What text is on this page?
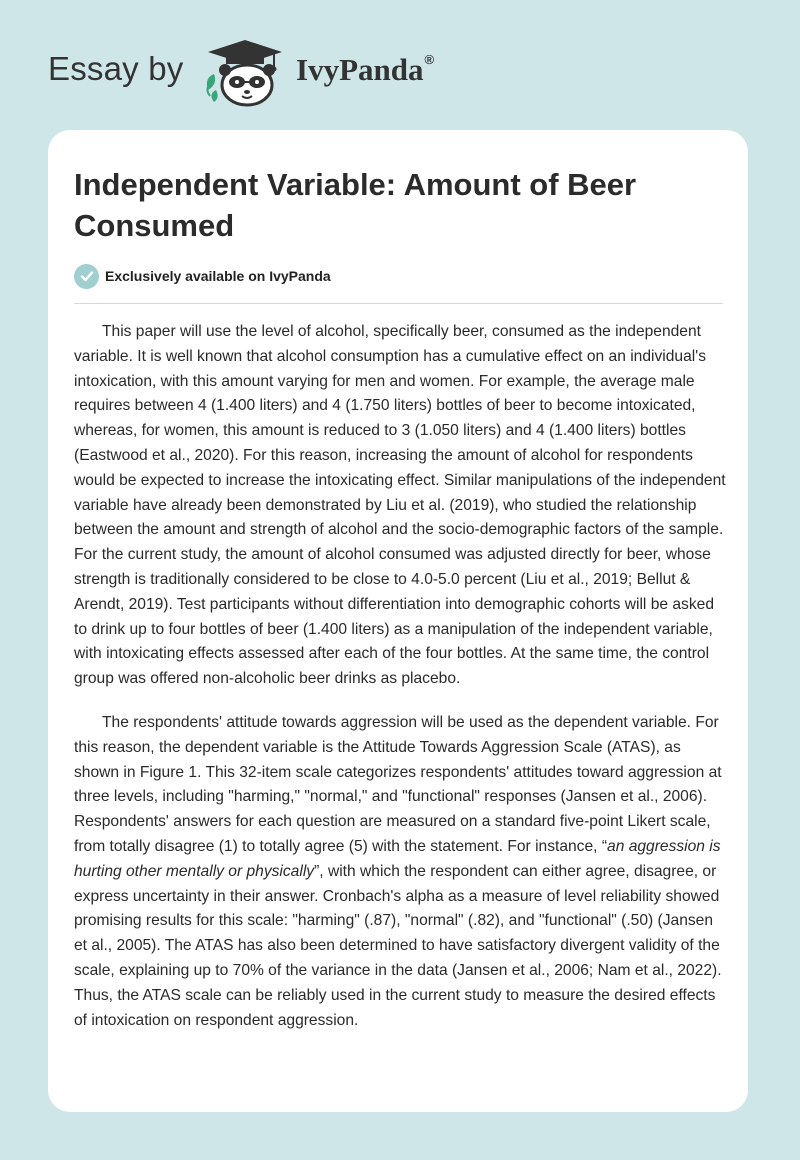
Essay by	IvyPanda®
Independent Variable: Amount of Beer Consumed
Exclusively available on IvyPanda

This paper will use the level of alcohol, specifically beer, consumed as the independent variable. It is well known that alcohol consumption has a cumulative effect on an individual's intoxication, with this amount varying for men and women. For example, the average male requires between 4 (1.400 liters) and 4 (1.750 liters) bottles of beer to become intoxicated, whereas, for women, this amount is reduced to 3 (1.050 liters) and 4 (1.400 liters) bottles (Eastwood et al., 2020). For this reason, increasing the amount of alcohol for respondents would be expected to increase the intoxicating effect. Similar manipulations of the independent variable have already been demonstrated by Liu et al. (2019), who studied the relationship between the amount and strength of alcohol and the socio-demographic factors of the sample. For the current study, the amount of alcohol consumed was adjusted directly for beer, whose strength is traditionally considered to be close to 4.0-5.0 percent (Liu et al., 2019; Bellut & Arendt, 2019). Test participants without differentiation into demographic cohorts will be asked to drink up to four bottles of beer (1.400 liters) as a manipulation of the independent variable, with intoxicating effects assessed after each of the four bottles. At the same time, the control group was offered non-alcoholic beer drinks as placebo.

The respondents' attitude towards aggression will be used as the dependent variable. For this reason, the dependent variable is the Attitude Towards Aggression Scale (ATAS), as shown in Figure 1. This 32-item scale categorizes respondents' attitudes toward aggression at three levels, including "harming," "normal," and "functional" responses (Jansen et al., 2006). Respondents' answers for each question are measured on a standard five-point Likert scale, from totally disagree (1) to totally agree (5) with the statement. For instance, “an aggression is hurting other mentally or physically”, with which the respondent can either agree, disagree, or express uncertainty in their answer. Cronbach's alpha as a measure of level reliability showed promising results for this scale: "harming" (.87), "normal" (.82), and "functional" (.50) (Jansen et al., 2005). The ATAS has also been determined to have satisfactory divergent validity of the scale, explaining up to 70% of the variance in the data (Jansen et al., 2006; Nam et al., 2022). Thus, the ATAS scale can be reliably used in the current study to measure the desired effects of intoxication on respondent aggression.
